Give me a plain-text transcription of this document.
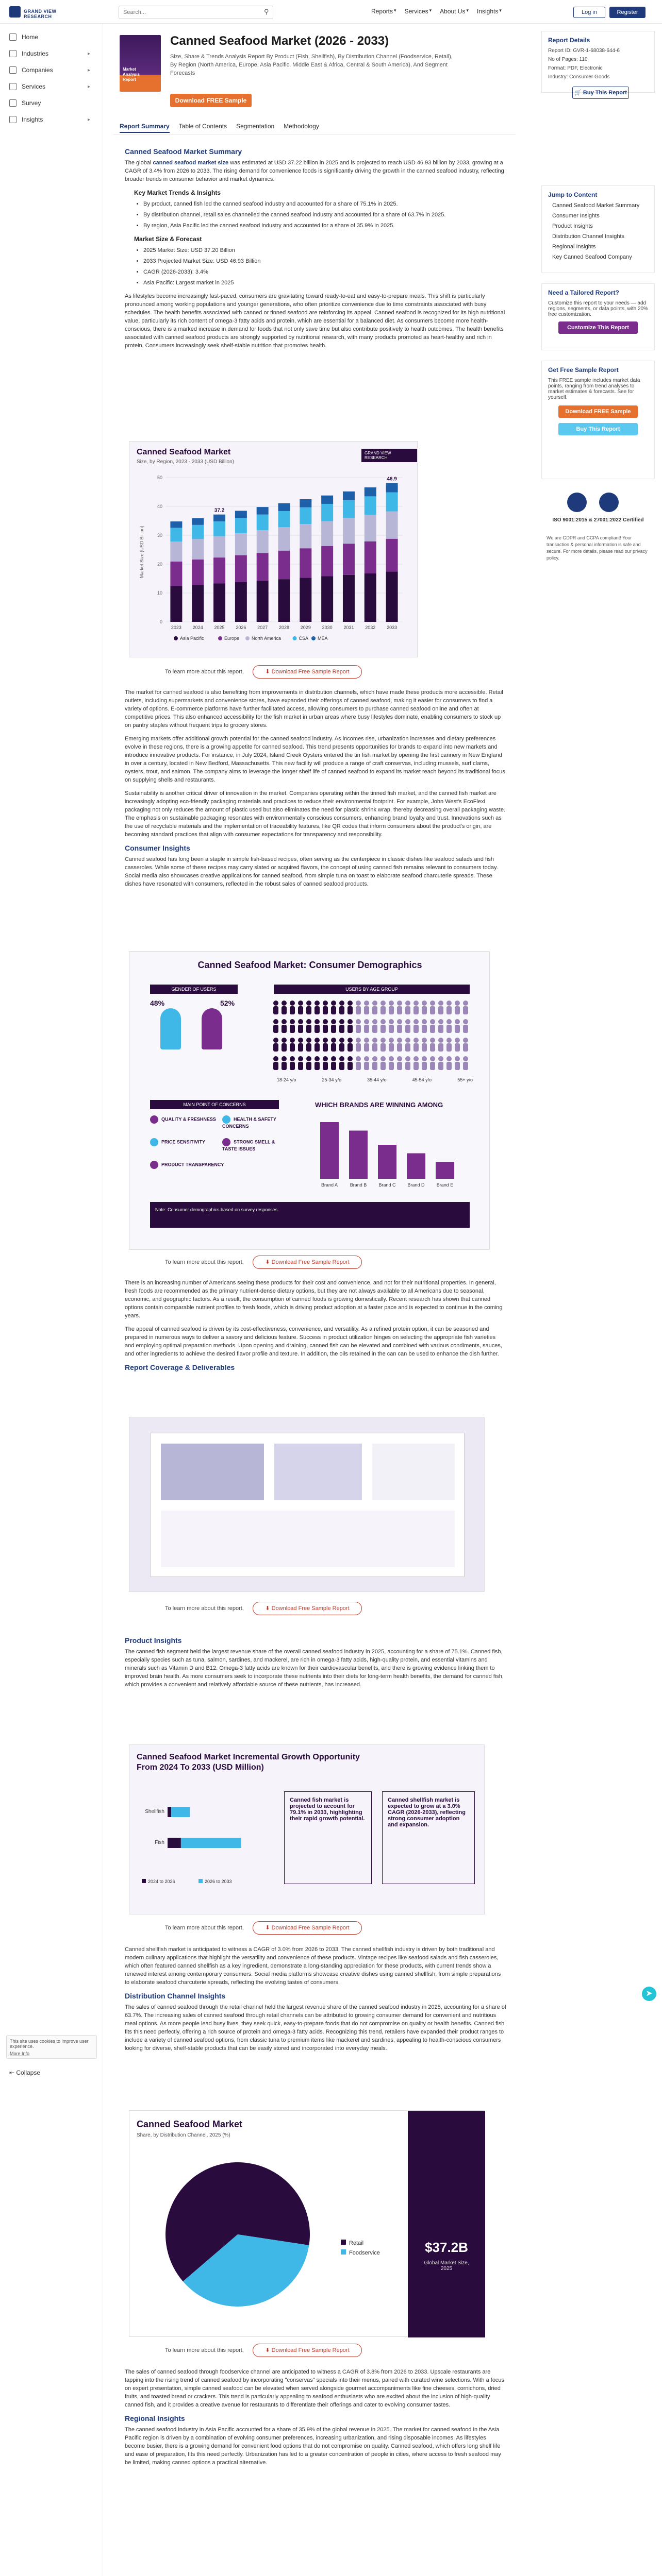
GRAND VIEW RESEARCH
Search...
⚲	Reports ▾ Services ▾ About Us ▾ Insights ▾	Log in	Register
Home
Industries	▸
Companies	▸
Services	▸
Survey
Insights	▸
This site uses cookies to improve user experience.
More Info
⇤ Collapse
Market Analysis Report
Canned Seafood Market (2026 - 2033)
Size, Share & Trends Analysis Report By Product (Fish, Shellfish), By Distribution Channel (Foodservice, Retail), By Region (North America, Europe, Asia Pacific, Middle East & Africa, Central & South America), And Segment Forecasts
Download FREE Sample
Report Summary Table of Contents Segmentation Methodology
Canned Seafood Market Summary

The global canned seafood market size was estimated at USD 37.22 billion in 2025 and is projected to reach USD 46.93 billion by 2033, growing at a CAGR of 3.4% from 2026 to 2033. The rising demand for convenience foods is significantly driving the growth in the canned seafood industry, reflecting broader trends in consumer behavior and market dynamics.

Key Market Trends & Insights
• By product, canned fish led the canned seafood industry and accounted for a share of 75.1% in 2025.
• By distribution channel, retail sales channelled the canned seafood industry and accounted for a share of 63.7% in 2025.
• By region, Asia Pacific led the canned seafood industry and accounted for a share of 35.9% in 2025.
Market Size & Forecast
• 2025 Market Size: USD 37.20 Billion
• 2033 Projected Market Size: USD 46.93 Billion
• CAGR (2026-2033): 3.4%
• Asia Pacific: Largest market in 2025

As lifestyles become increasingly fast-paced, consumers are gravitating toward ready-to-eat and easy-to-prepare meals. This shift is particularly pronounced among working populations and younger generations, who often prioritize convenience due to time constraints associated with busy schedules. The health benefits associated with canned or tinned seafood are reinforcing its appeal. Canned seafood is recognized for its high nutritional value, particularly its rich content of omega-3 fatty acids and protein, which are essential for a balanced diet. As consumers become more health-conscious, there is a marked increase in demand for foods that not only save time but also contribute positively to health outcomes. The health benefits associated with canned seafood products are strongly supported by nutritional research, with many products promoted as heart-healthy and rich in protein. Consumers increasingly seek shelf-stable nutrition that promotes health.

Canned Seafood Market
Size, by Region, 2023 - 2033 (USD Billion)
GRAND VIEW RESEARCH
Market Size (USD Billion)
0
10
20
30
40
50
2023 2024
37.2
2025 2026 2027 2028 2029 2030 2031 2032
46.9
2033
Asia Pacific	Europe	North America	CSA MEA
To learn more about this report,	⬇ Download Free Sample Report

The market for canned seafood is also benefiting from improvements in distribution channels, which have made these products more accessible. Retail outlets, including supermarkets and convenience stores, have expanded their offerings of canned seafood, making it easier for consumers to find a variety of options. E-commerce platforms have further facilitated access, allowing consumers to purchase canned seafood online and often at competitive prices. This also enhanced accessibility for the fish market in urban areas where busy lifestyles dominate, enabling consumers to stock up on pantry staples without frequent trips to grocery stores.

Emerging markets offer additional growth potential for the canned seafood industry. As incomes rise, urbanization increases and dietary preferences evolve in these regions, there is a growing appetite for canned seafood. This trend presents opportunities for brands to expand into new markets and introduce innovative products. For instance, in July 2024, Island Creek Oysters entered the tin fish market by opening the first cannery in New England in over a century, located in New Bedford, Massachusetts. This new facility will produce a range of craft conservas, including mussels, surf clams, oysters, trout, and salmon. The company aims to leverage the longer shelf life of canned seafood to expand its market reach beyond its traditional focus on supplying shells and restaurants.

Sustainability is another critical driver of innovation in the market. Companies operating within the tinned fish market, and the canned fish market are increasingly adopting eco-friendly packaging materials and practices to reduce their environmental footprint. For example, John West's EcoFlexi packaging not only reduces the amount of plastic used but also eliminates the need for plastic shrink wrap, thereby decreasing overall packaging waste. The emphasis on sustainable packaging resonates with environmentally conscious consumers, enhancing brand loyalty and trust. Innovations such as the use of recyclable materials and the implementation of traceability features, like QR codes that inform consumers about the product's origin, are becoming standard practices that align with consumer expectations for transparency and responsibility.

Consumer Insights

Canned seafood has long been a staple in simple fish-based recipes, often serving as the centerpiece in classic dishes like seafood salads and fish casseroles. While some of these recipes may carry slated or acquired flavors, the concept of using canned fish remains relevant to consumers today. Social media also showcases creative applications for canned seafood, from simple tuna on toast to elaborate seafood charcuterie spreads. These dishes have resonated with consumers, reflected in the robust sales of canned seafood products.

Canned Seafood Market: Consumer Demographics
GENDER OF USERS
48%	52%
USERS BY AGE GROUP
18-24 y/o	25-34 y/o	35-44 y/o	45-54 y/o	55+ y/o
MAIN POINT OF CONCERNS
QUALITY & FRESHNESS	HEALTH & SAFETY CONCERNS
PRICE SENSITIVITY	STRONG SMELL & TASTE ISSUES
PRODUCT TRANSPARENCY
WHICH BRANDS ARE WINNING AMONG
Brand A	Brand B	Brand C	Brand D	Brand E
Note: Consumer demographics based on survey responses
To learn more about this report,	⬇ Download Free Sample Report

There is an increasing number of Americans seeing these products for their cost and convenience, and not for their nutritional properties. In general, fresh foods are recommended as the primary nutrient-dense dietary options, but they are not always available to all Americans due to seasonal, economic, and geographic factors. As a result, the consumption of canned foods is growing domestically. Recent research has shown that canned options contain comparable nutrient profiles to fresh foods, which is driving product adoption at a faster pace and is expected to continue in the coming years.

The appeal of canned seafood is driven by its cost-effectiveness, convenience, and versatility. As a refined protein option, it can be seasoned and prepared in numerous ways to deliver a savory and delicious feature. Success in product utilization hinges on selecting the appropriate fish varieties and employing optimal preparation methods. Upon opening and draining, canned fish can be elevated and combined with various condiments, sauces, and other ingredients to achieve the desired flavor profile and texture. In addition, the oils retained in the can can be used to enhance the dish further.

Report Coverage & Deliverables
To learn more about this report,	⬇ Download Free Sample Report
Product Insights

The canned fish segment held the largest revenue share of the overall canned seafood industry in 2025, accounting for a share of 75.1%. Canned fish, especially species such as tuna, salmon, sardines, and mackerel, are rich in omega-3 fatty acids, high-quality protein, and essential vitamins and minerals such as Vitamin D and B12. Omega-3 fatty acids are known for their cardiovascular benefits, and there is growing evidence linking them to improved brain health. As more consumers seek to incorporate these nutrients into their diets for long-term health benefits, the demand for canned fish, which provides a convenient and relatively affordable source of these nutrients, has increased.

Canned Seafood Market Incremental Growth Opportunity From 2024 To 2033 (USD Million)
Shellfish
Fish
2024 to 2026	2026 to 2033
Canned fish market is projected to account for 79.1% in 2033, highlighting their rapid growth potential.
Canned shellfish market is expected to grow at a 3.0% CAGR (2026-2033), reflecting strong consumer adoption and expansion.
To learn more about this report,	⬇ Download Free Sample Report

Canned shellfish market is anticipated to witness a CAGR of 3.0% from 2026 to 2033. The canned shellfish industry is driven by both traditional and modern culinary applications that highlight the versatility and convenience of these products. Vintage recipes like seafood salads and fish casseroles, which often featured canned shellfish as a key ingredient, demonstrate a long-standing appreciation for these products, with current trends show a renewed interest among contemporary consumers. Social media platforms showcase creative dishes using canned shellfish, from simple preparations to elaborate seafood charcuterie spreads, reflecting the evolving tastes of consumers.

Distribution Channel Insights

The sales of canned seafood through the retail channel held the largest revenue share of the canned seafood industry in 2025, accounting for a share of 63.7%. The increasing sales of canned seafood through retail channels can be attributed to growing consumer demand for convenient and nutritious meal options. As more people lead busy lives, they seek quick, easy-to-prepare foods that do not compromise on quality or health benefits. Canned fish fits this need perfectly, offering a rich source of protein and omega-3 fatty acids. Recognizing this trend, retailers have expanded their product ranges to include a variety of canned seafood options, from classic tuna to premium items like mackerel and sardines, appealing to health-conscious consumers looking for diverse, shelf-stable products that can be easily stored and incorporated into everyday meals.

Canned Seafood Market
Share, by Distribution Channel, 2025 (%)
Retail
Foodservice	$37.2B
Global Market Size, 2025
To learn more about this report,	⬇ Download Free Sample Report

The sales of canned seafood through foodservice channel are anticipated to witness a CAGR of 3.8% from 2026 to 2033. Upscale restaurants are tapping into the rising trend of canned seafood by incorporating "conservas" specials into their menus, paired with curated wine selections. With a focus on expert presentation, simple canned seafood can be elevated when served alongside gourmet accompaniments like fine cheeses, cornichons, dried fruits, and toasted bread or crackers. This trend is particularly appealing to seafood enthusiasts who are excited about the inclusion of high-quality canned fish, and it provides a creative avenue for restaurants to differentiate their offerings and cater to evolving consumer tastes.

Regional Insights

The canned seafood industry in Asia Pacific accounted for a share of 35.9% of the global revenue in 2025. The market for canned seafood in the Asia Pacific region is driven by a combination of evolving consumer preferences, increasing urbanization, and rising disposable incomes. As lifestyles become busier, there is a growing demand for convenient food options that do not compromise on quality. Canned seafood, which offers long shelf life and ease of preparation, fits this need perfectly. Urbanization has led to a greater concentration of people in cities, where access to fresh seafood may be limited, making canned options a practical alternative.

Report Details
Report ID: GVR-1-68038-644-6
No of Pages: 110
Format: PDF, Electronic
Industry: Consumer Goods
🛒 Buy This Report
Jump to Content
Canned Seafood Market Summary
Consumer Insights
Product Insights
Distribution Channel Insights
Regional Insights
Key Canned Seafood Company
Need a Tailored Report?
Customize this report to your needs — add regions, segments, or data points, with 20% free customization.
Customize This Report
Get Free Sample Report
This FREE sample includes market data points, ranging from trend analyses to market estimates & forecasts. See for yourself.
Download FREE Sample
Buy This Report
ISO 9001:2015 & 27001:2022 Certified
We are GDPR and CCPA compliant! Your transaction & personal information is safe and secure. For more details, please read our privacy policy.
➤
